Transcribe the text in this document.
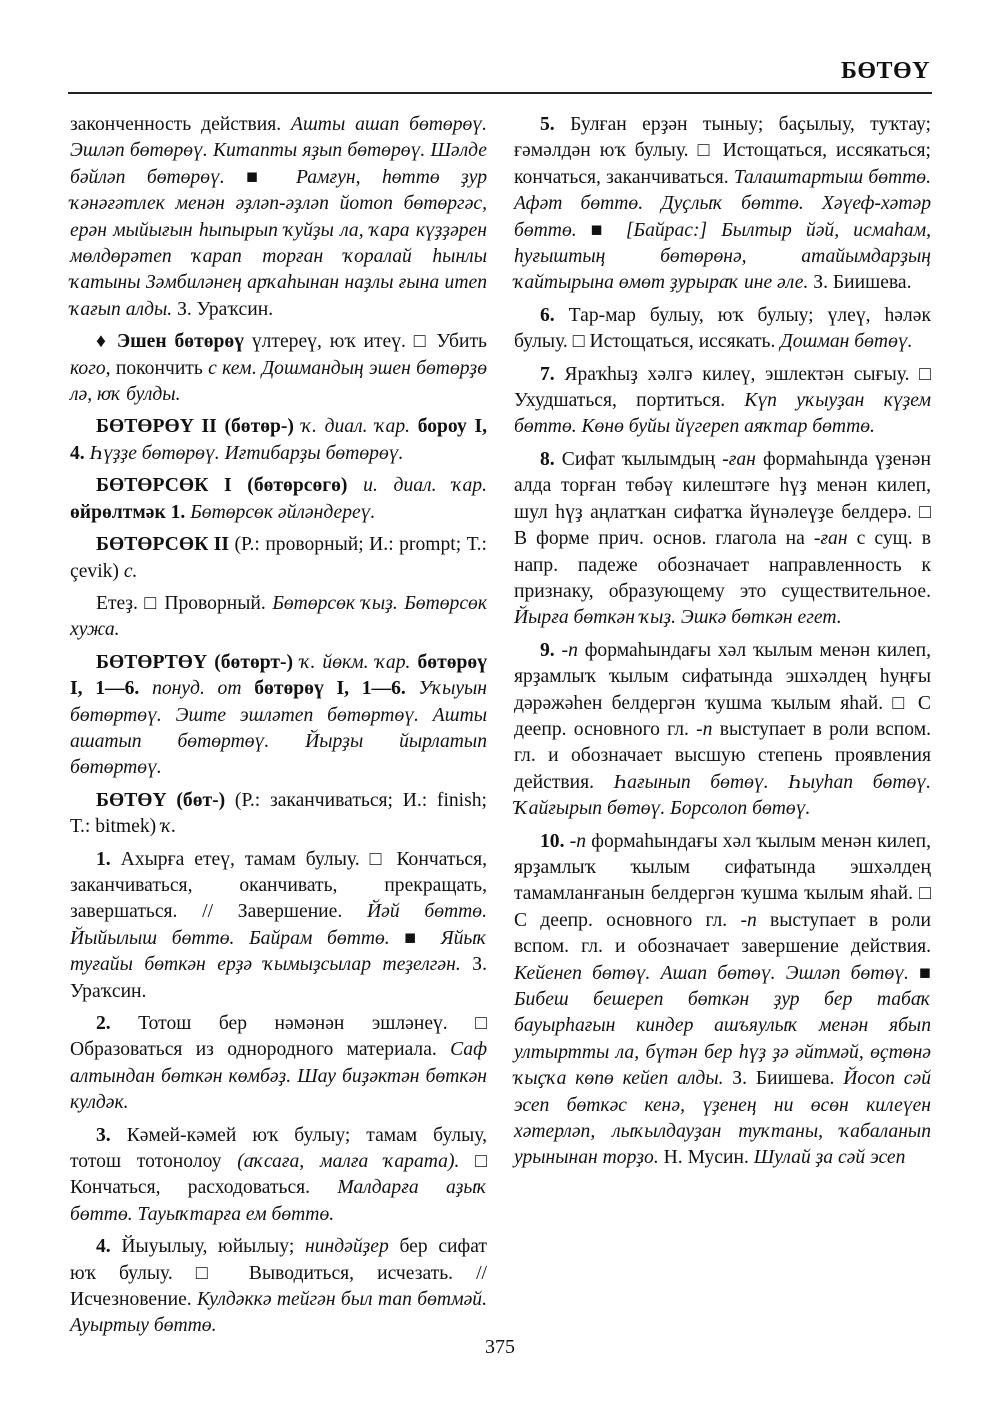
БӨТӨҮ

законченность действия. Ашты ашап бөтөрөү. Эшләп бөтөрөү. Китапты яҙып бөтөрөү. Шәлде бәйләп бөтөрөү. ■ Рамғун, һөттө ҙур ҡәнәғәтлек менән әҙләп-әҙләп йотоп бөтөргәс, ерән мыйығын һыпырып ҡуйҙы ла, ҡара күҙҙәрен мөлдөрәтеп ҡарап торған ҡоралай һынлы ҡатыны Зәмбиләнең арҡаһынан наҙлы ғына итеп ҡағып алды. З. Ураҡсин.

♦ Эшен бөтөрөү үлтереү, юҡ итеү. □ Убить кого, покончить с кем. Дошмандың эшен бөтөрҙө лә, юҡ булды.

БӨТӨРӨҮ II (бөтөр-) ҡ. диал. ҡар. бороу I, 4. Һүҙҙе бөтөрөү. Иғтибарҙы бөтөрөү.

БӨТӨРСӨК I (бөтөрсөгө) и. диал. ҡар. өйрөлтмәк 1. Бөтөрсөк әйләндереү.

БӨТӨРСӨК II (Р.: проворный; И.: prompt; Т.: çevik) с.

Етеҙ. □ Проворный. Бөтөрсөк ҡыҙ. Бөтөрсөк хужа.

БӨТӨРТӨҮ (бөтөрт-) ҡ. йөкм. ҡар. бөтөрөү I, 1—6. понуд. от бөтөрөү I, 1—6. Уҡыуын бөтөртөү. Эште эшләтеп бөтөртөү. Ашты ашатып бөтөртөү. Йырҙы йырлатып бөтөртөү.

БӨТӨҮ (бөт-) (Р.: заканчиваться; И.: finish; Т.: bitmek) ҡ.

1. Ахырға етеү, тамам булыу. □ Кончаться, заканчиваться, оканчивать, прекращать, завершаться. // Завершение. Йәй бөттө. Йыйылыш бөттө. Байрам бөттө. ■ Яйыҡ туғайы бөткән ерҙә ҡымыҙсылар теҙелгән. З. Ураҡсин.

2. Тотош бер нәмәнән эшләнеү. □ Образоваться из однородного материала. Саф алтындан бөткән көмбәҙ. Шау биҙәктән бөткән кулдәк.

3. Кәмей-кәмей юҡ булыу; тамам булыу, тотош тотонолоу (аҡсаға, малға ҡарата). □ Кончаться, расходоваться. Малдарға аҙыҡ бөттө. Тауыҡтарға ем бөттө.

4. Йыуылыу, юйылыу; ниндәйҙер бер сифат юҡ булыу. □ Выводиться, исчезать. // Исчезновение. Кулдәккә тейгән был тап бөтмәй. Ауыртыу бөттө.

5. Булған ерҙән тыныу; баҫылыу, туҡтау; ғәмәлдән юҡ булыу. □ Истощаться, иссякаться; кончаться, заканчиваться. Талаштартыш бөттө. Афәт бөттө. Дуҫлыҡ бөттө. Хәүеф-хәтәр бөттө. ■ [Байрас:] Былтыр йәй, исмаһам, һуғыштың бөтөрөнә, атайымдарҙың ҡайтырына өмөт ҙурыраҡ ине әле. З. Биишева.

6. Тар-мар булыу, юҡ булыу; үлеү, һәләк булыу. □ Истощаться, иссякать. Дошман бөтөү.

7. Яраҡһыҙ хәлгә килеү, эшлектән сығыу. □ Ухудшаться, портиться. Күп уҡыуҙан күҙем бөттө. Көнө буйы йүгереп аяҡтар бөттө.

8. Сифат ҡылымдың -ған формаһында үҙенән алда торған төбәү килештәге һүҙ менән килеп, шул һүҙ аңлатҡан сифатҡа йүнәлеүҙе белдерә. □ В форме прич. основ. глагола на -ған с сущ. в напр. падеже обозначает направленность к признаку, образующему это существительное. Йырға бөткән ҡыҙ. Эшкә бөткән егет.

9. -п формаһындағы хәл ҡылым менән килеп, ярҙамлыҡ ҡылым сифатында эшхәлдең һуңғы дәрәжәһен белдергән ҡушма ҡылым яһай. □ С деепр. основного гл. -п выступает в роли вспом. гл. и обозначает высшую степень проявления действия. Һағынып бөтөү. Һыуһап бөтөү. Ҡайғырып бөтөү. Борсолоп бөтөү.

10. -п формаһындағы хәл ҡылым менән килеп, ярҙамлыҡ ҡылым сифатында эшхәлдең тамамланғанын белдергән ҡушма ҡылым яһай. □ С деепр. основного гл. -п выступает в роли вспом. гл. и обозначает завершение действия. Кейенеп бөтөү. Ашап бөтөү. Эшләп бөтөү. ■ Бибеш бешереп бөткән ҙур бер табаҡ бауырһағын киндер ашъяулыҡ менән ябып ултыртты ла, бүтән бер һүҙ ҙә әйтмәй, өҫтөнә ҡыҫҡа көпө кейеп алды. З. Биишева. Йосоп сәй эсеп бөткәс кенә, үҙенең ни өсөн килеүен хәтерләп, лыҡылдауҙан туҡтаны, ҡабаланып урынынан торҙо. Н. Мусин. Шулай ҙа сәй эсеп

375
